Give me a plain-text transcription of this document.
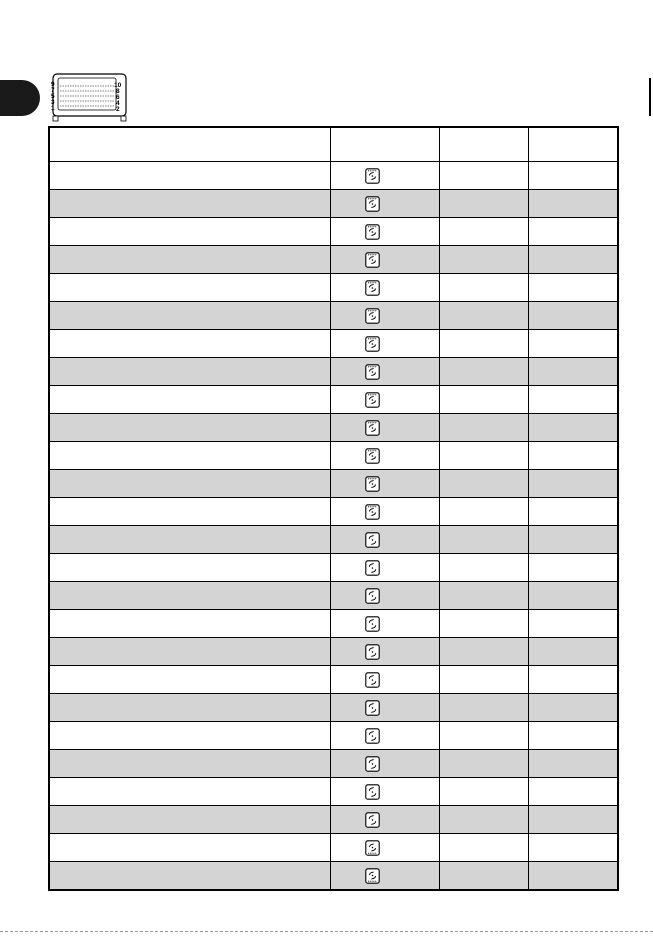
9
7
5
3
1
10
8
6
4
2
